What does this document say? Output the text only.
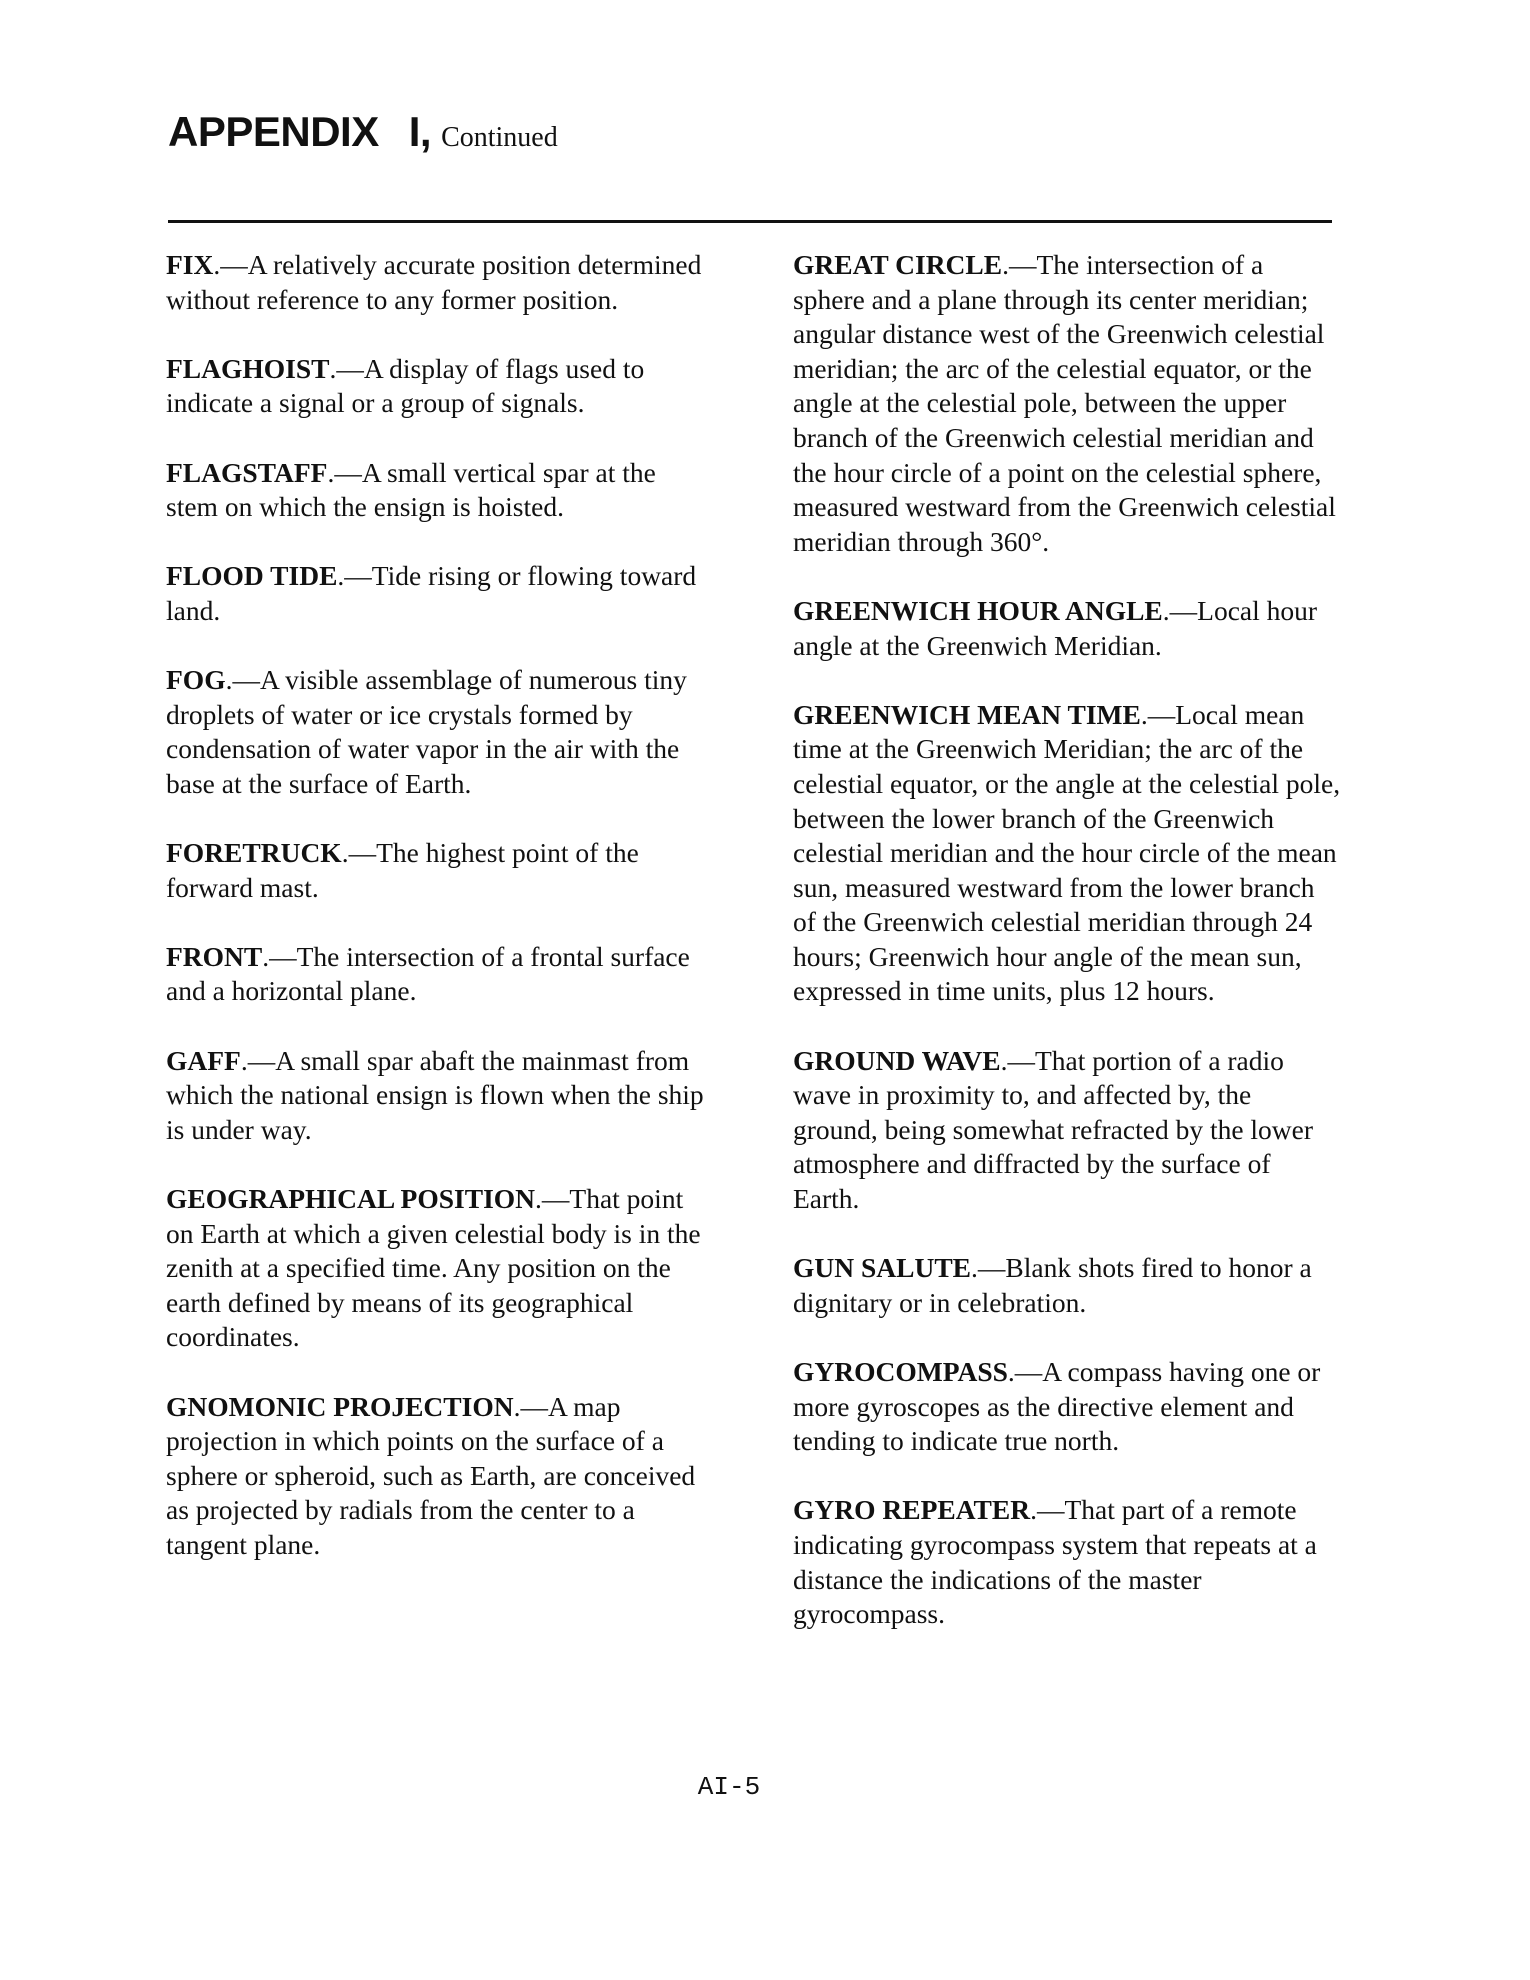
APPENDIX I, Continued

FIX.—A relatively accurate position determined without reference to any former position.

FLAGHOIST.—A display of flags used to indicate a signal or a group of signals.

FLAGSTAFF.—A small vertical spar at the stem on which the ensign is hoisted.

FLOOD TIDE.—Tide rising or flowing toward land.

FOG.—A visible assemblage of numerous tiny droplets of water or ice crystals formed by condensation of water vapor in the air with the base at the surface of Earth.

FORETRUCK.—The highest point of the forward mast.

FRONT.—The intersection of a frontal surface and a horizontal plane.

GAFF.—A small spar abaft the mainmast from which the national ensign is flown when the ship is under way.

GEOGRAPHICAL POSITION.—That point on Earth at which a given celestial body is in the zenith at a specified time. Any position on the earth defined by means of its geographical coordinates.

GNOMONIC PROJECTION.—A map projection in which points on the surface of a sphere or spheroid, such as Earth, are conceived as projected by radials from the center to a tangent plane.

GREAT CIRCLE.—The intersection of a sphere and a plane through its center meridian; angular distance west of the Greenwich celestial meridian; the arc of the celestial equator, or the angle at the celestial pole, between the upper branch of the Greenwich celestial meridian and the hour circle of a point on the celestial sphere, measured westward from the Greenwich celestial meridian through 360°.

GREENWICH HOUR ANGLE.—Local hour angle at the Greenwich Meridian.

GREENWICH MEAN TIME.—Local mean time at the Greenwich Meridian; the arc of the celestial equator, or the angle at the celestial pole, between the lower branch of the Greenwich celestial meridian and the hour circle of the mean sun, measured westward from the lower branch of the Greenwich celestial meridian through 24 hours; Greenwich hour angle of the mean sun, expressed in time units, plus 12 hours.

GROUND WAVE.—That portion of a radio wave in proximity to, and affected by, the ground, being somewhat refracted by the lower atmosphere and diffracted by the surface of Earth.

GUN SALUTE.—Blank shots fired to honor a dignitary or in celebration.

GYROCOMPASS.—A compass having one or more gyroscopes as the directive element and tending to indicate true north.

GYRO REPEATER.—That part of a remote indicating gyrocompass system that repeats at a distance the indications of the master gyrocompass.

AI-5
